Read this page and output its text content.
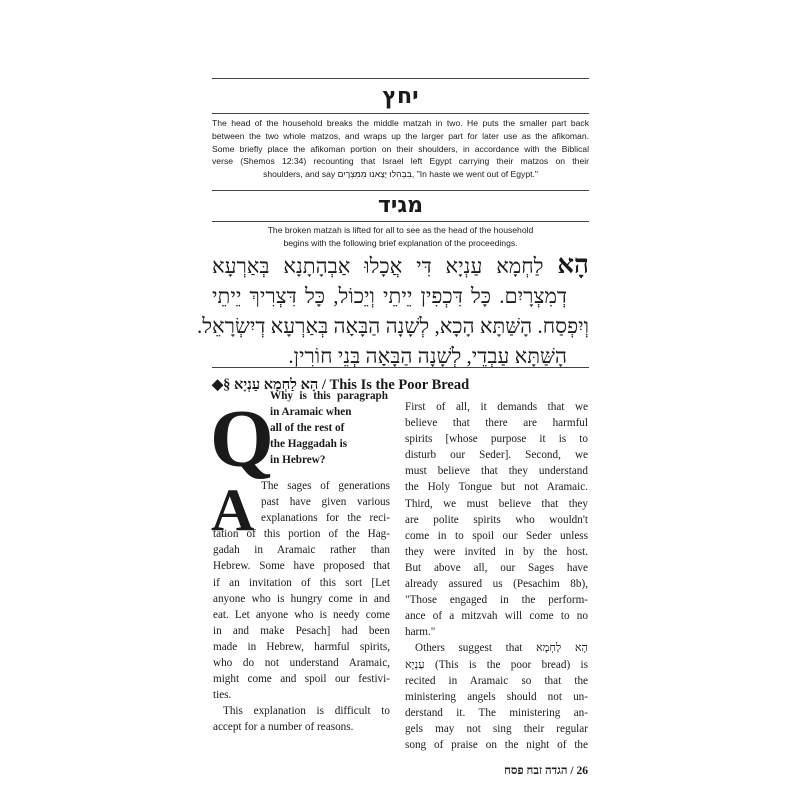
יחץ
The head of the household breaks the middle matzah in two. He puts the smaller part back
between the two whole matzos, and wraps up the larger part for later use as the afikoman.
Some briefly place the afikoman portion on their shoulders, in accordance with the Biblical
verse (Shemos 12:34) recounting that Israel left Egypt carrying their matzos on their
shoulders, and say בִּבְהִלוּ יָצָאנוּ מִמִּצְרָיִם, "In haste we went out of Egypt."
מגיד
The broken matzah is lifted for all to see as the head of the household
begins with the following brief explanation of the proceedings.
הָא לַחְמָא עַנְיָא דִּי אֲכָלוּ אַבְהָתָנָא בְּאַרְעָא
דְמִצְרָיִם. כָּל דִּכְפִין יֵיתֵי וְיֵכוֹל, כָּל דִּצְרִיךְ יֵיתֵי
וְיִפְסַח. הָשַּׁתָּא הָכָא, לְשָׁנָה הַבָּאָה בְּאַרְעָא דְיִשְׂרָאֵל.
הָשַּׁתָּא עַבְדֵי, לְשָׁנָה הַבָּאָה בְּנֵי חוֹרִין.
◆§ הָא לַחְמָא עַנְיָא / This Is the Poor Bread
Q
Why is this paragraph
in Aramaic when
all of the rest of
the Haggadah is
in Hebrew?
A The sages of generations
past have given various
explanations for the reci-
tation of this portion of the Hag-
gadah in Aramaic rather than
Hebrew. Some have proposed that
if an invitation of this sort [Let
anyone who is hungry come in and
eat. Let anyone who is needy come
in and make Pesach] had been
made in Hebrew, harmful spirits,
who do not understand Aramaic,
might come and spoil our festivi-
ties.
This explanation is difficult to
accept for a number of reasons.
First of all, it demands that we
believe that there are harmful
spirits [whose purpose it is to
disturb our Seder]. Second, we
must believe that they understand
the Holy Tongue but not Aramaic.
Third, we must believe that they
are polite spirits who wouldn't
come in to spoil our Seder unless
they were invited in by the host.
But above all, our Sages have
already assured us (Pesachim 8b),
"Those engaged in the perform-
ance of a mitzvah will come to no
harm."
Others suggest that הָא לַחְמָא
עַנְיָא (This is the poor bread) is
recited in Aramaic so that the
ministering angels should not un-
derstand it. The ministering an-
gels may not sing their regular
song of praise on the night of the
26 / הגדה זבח פסח
